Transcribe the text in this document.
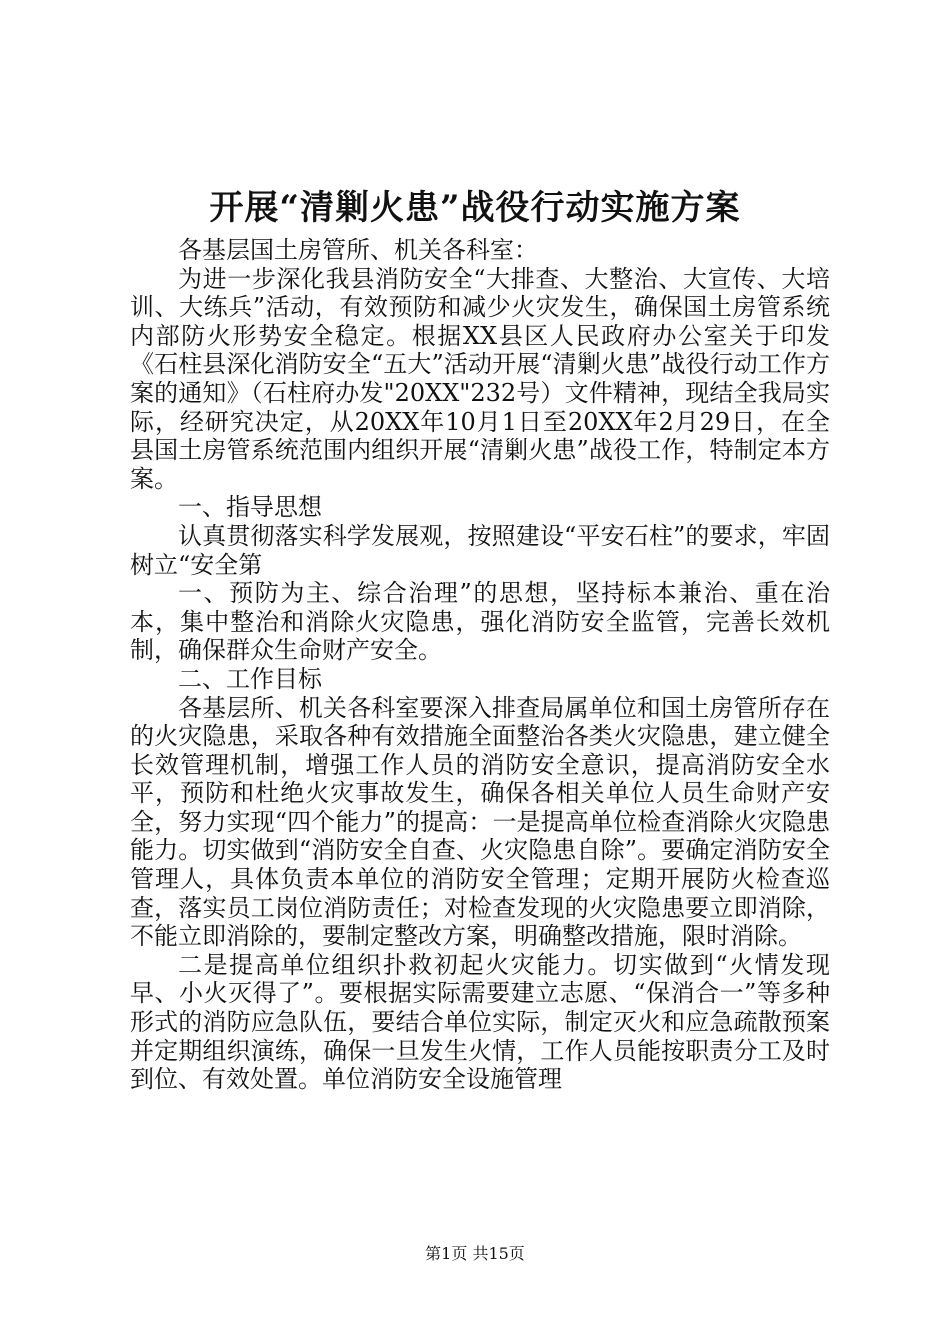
开展“清剿火患”战役行动实施方案

各基层国土房管所、机关各科室：

为进一步深化我县消防安全“大排查、大整治、大宣传、大培训、大练兵”活动，有效预防和减少火灾发生，确保国土房管系统内部防火形势安全稳定。根据XX县区人民政府办公室关于印发《石柱县深化消防安全“五大”活动开展“清剿火患”战役行动工作方案的通知》（石柱府办发"20XX"232号）文件精神，现结全我局实际，经研究决定，从20XX年10月1日至20XX年2月29日，在全县国土房管系统范围内组织开展“清剿火患”战役工作，特制定本方案。

一、指导思想

认真贯彻落实科学发展观，按照建设“平安石柱”的要求，牢固树立“安全第

一、预防为主、综合治理”的思想，坚持标本兼治、重在治本，集中整治和消除火灾隐患，强化消防安全监管，完善长效机制，确保群众生命财产安全。

二、工作目标

各基层所、机关各科室要深入排查局属单位和国土房管所存在的火灾隐患，采取各种有效措施全面整治各类火灾隐患，建立健全长效管理机制，增强工作人员的消防安全意识，提高消防安全水平，预防和杜绝火灾事故发生，确保各相关单位人员生命财产安全，努力实现“四个能力”的提高：一是提高单位检查消除火灾隐患能力。切实做到“消防安全自查、火灾隐患自除”。要确定消防安全管理人，具体负责本单位的消防安全管理；定期开展防火检查巡查，落实员工岗位消防责任；对检查发现的火灾隐患要立即消除，不能立即消除的，要制定整改方案，明确整改措施，限时消除。

二是提高单位组织扑救初起火灾能力。切实做到“火情发现早、小火灭得了”。要根据实际需要建立志愿、“保消合一”等多种形式的消防应急队伍，要结合单位实际，制定灭火和应急疏散预案并定期组织演练，确保一旦发生火情，工作人员能按职责分工及时到位、有效处置。单位消防安全设施管理

第1页 共15页
